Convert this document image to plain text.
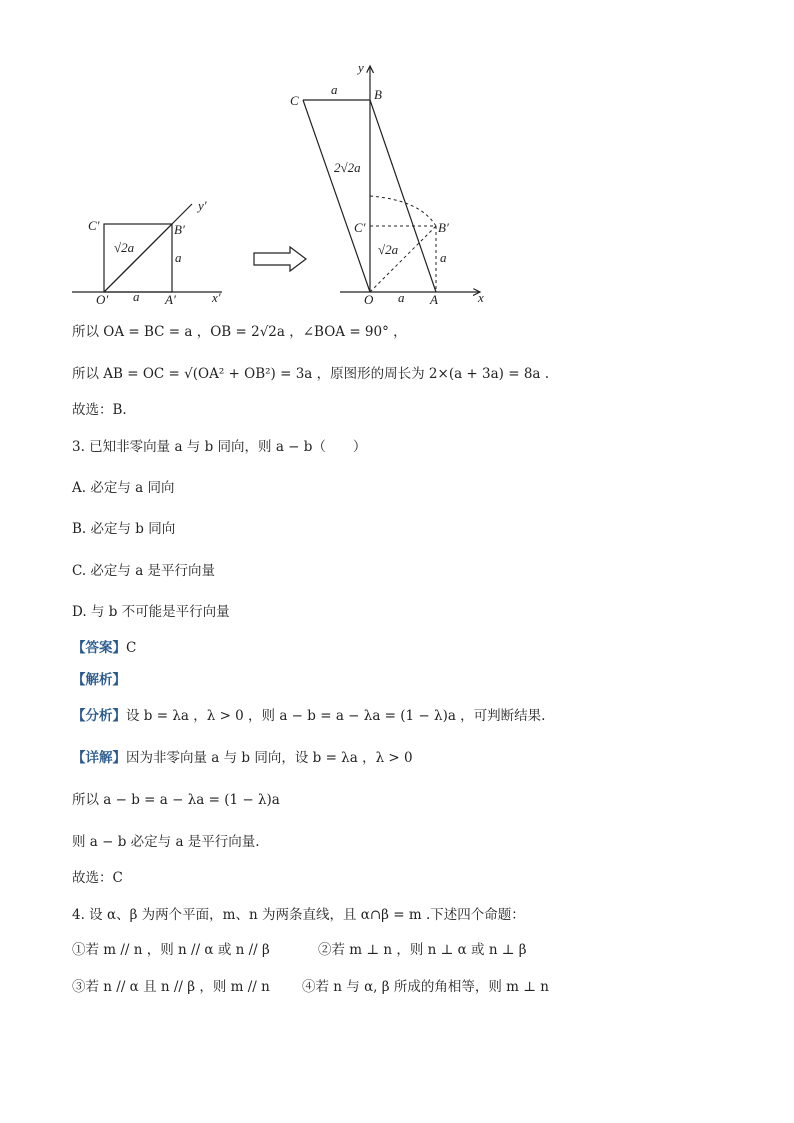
C′	B′
O′	A′	x′
y′
√2a
a
a
C	B
O	A	x
y
C′	B′
a
2√2a
√2a
a
a
所以 OA = BC = a ，OB = 2√2a ，∠BOA = 90° ，
所以 AB = OC = √(OA² + OB²) = 3a ，原图形的周长为 2×(a + 3a) = 8a .
故选：B.
3. 已知非零向量 a 与 b 同向，则 a − b（　　）
A. 必定与 a 同向
B. 必定与 b 同向
C. 必定与 a 是平行向量
D. 与 b 不可能是平行向量
【答案】C
【解析】
【分析】设 b = λa ，λ > 0 ，则 a − b = a − λa = (1 − λ)a ，可判断结果.
【详解】因为非零向量 a 与 b 同向，设 b = λa ，λ > 0
所以 a − b = a − λa = (1 − λ)a
则 a − b 必定与 a 是平行向量.
故选：C
4. 设 α、β 为两个平面，m、n 为两条直线，且 α∩β = m .下述四个命题：
①若 m // n ，则 n // α 或 n // β	②若 m ⊥ n ，则 n ⊥ α 或 n ⊥ β
③若 n // α 且 n // β ，则 m // n ④若 n 与 α, β 所成的角相等，则 m ⊥ n
